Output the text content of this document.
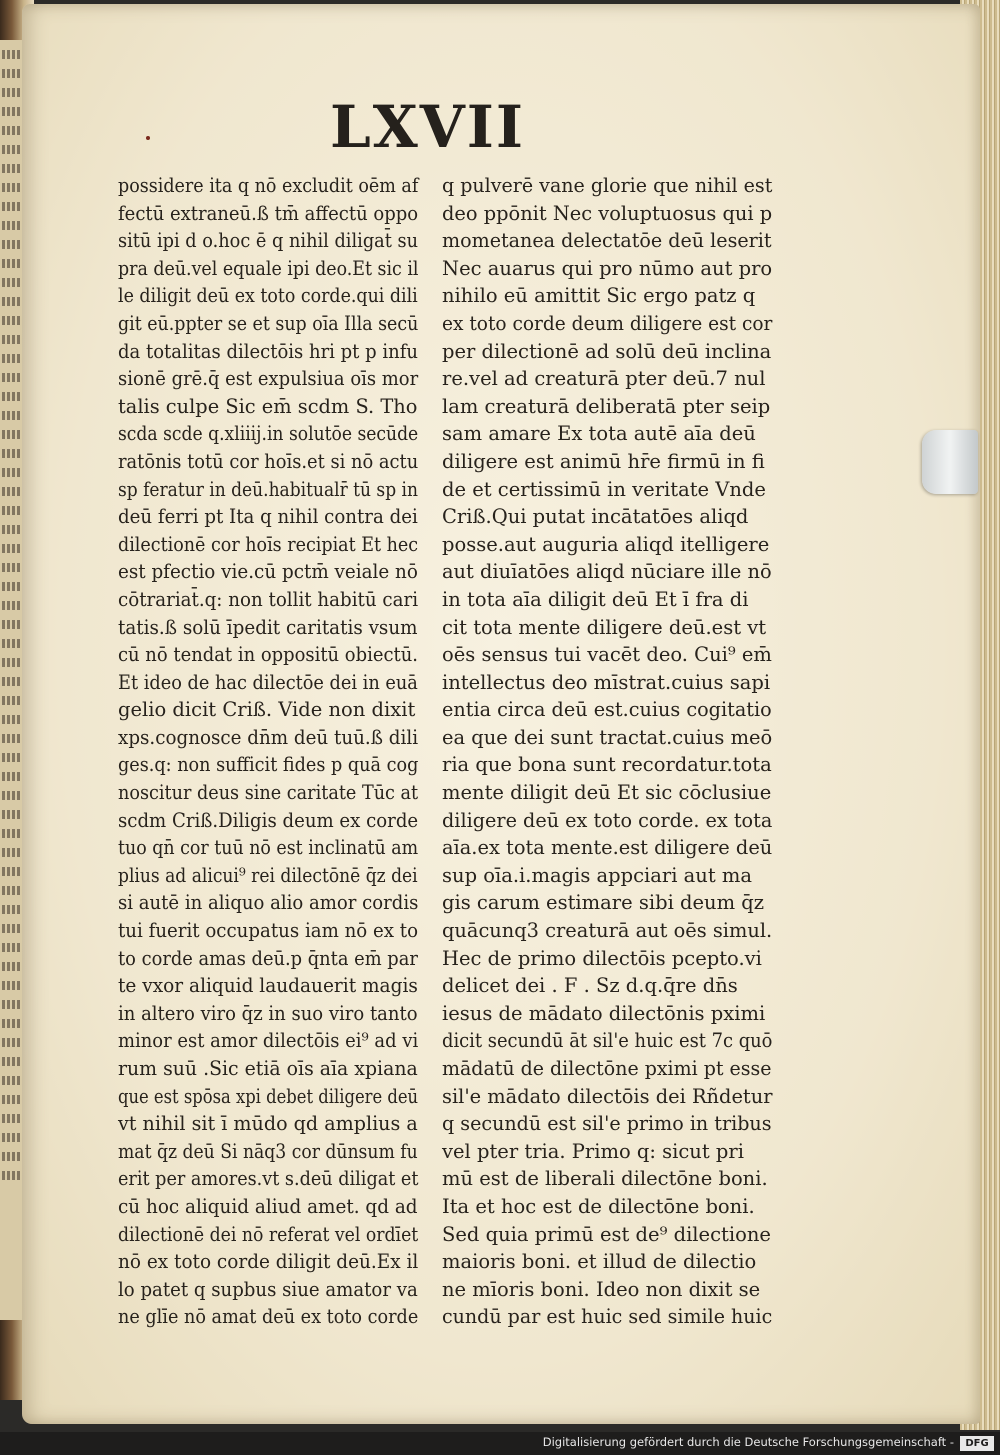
LXVII
possidere ita q nō excludit oēm af
fectū extraneū.ß tm̄ affectū oppo
sitū ipi d o.hoc ē q nihil diligat̄ su
pra deū.vel equale ipi deo.Et sic il
le diligit deū ex toto corde.qui dili
git eū.ppter se et sup oīa Illa secū
da totalitas dilectōis hri pt p infu
sionē grē.q̄ est expulsiua oīs mor
talis culpe Sic em̄ scdm S. Tho
scda scde q.xliiij.in solutōe secūde
ratōnis totū cor hoīs.et si nō actu
sp feratur in deū.habitualr̄ tū sp in
deū ferri pt Ita q nihil contra dei
dilectionē cor hoīs recipiat Et hec
est pfectio vie.cū pctm̄ veiale nō
cōtrariat̄.q: non tollit habitū cari
tatis.ß solū īpedit caritatis vsum
cū nō tendat in oppositū obiectū.
Et ideo de hac dilectōe dei in euā
gelio dicit Criß. Vide non dixit
xps.cognosce dn̄m deū tuū.ß dili
ges.q: non sufficit fides p quā cog
noscitur deus sine caritate Tūc at
scdm Criß.Diligis deum ex corde
tuo qn̄ cor tuū nō est inclinatū am
plius ad alicui⁹ rei dilectōnē q̄z dei
si autē in aliquo alio amor cordis
tui fuerit occupatus iam nō ex to
to corde amas deū.p q̄nta em̄ par
te vxor aliquid laudauerit magis
in altero viro q̄z in suo viro tanto
minor est amor dilectōis ei⁹ ad vi
rum suū .Sic etiā oīs aīa xpiana
que est spōsa xpi debet diligere deū
vt nihil sit ī mūdo qd amplius a
mat q̄z deū Si nāq3 cor dūnsum fu
erit per amores.vt s.deū diligat et
cū hoc aliquid aliud amet. qd ad
dilectionē dei nō referat vel ordīet
nō ex toto corde diligit deū.Ex il
lo patet q supbus siue amator va
ne glīe nō amat deū ex toto corde
q pulverē vane glorie que nihil est
deo ppōnit Nec voluptuosus qui p
mometanea delectatōe deū leserit
Nec auarus qui pro nūmo aut pro
nihilo eū amittit Sic ergo patz q
ex toto corde deum diligere est cor
per dilectionē ad solū deū inclina
re.vel ad creaturā pter deū.7 nul
lam creaturā deliberatā pter seip
sam amare Ex tota autē aīa deū
diligere est animū hr̄e firmū in fi
de et certissimū in veritate Vnde
Criß.Qui putat incātatōes aliqd
posse.aut auguria aliqd itelligere
aut diuīatōes aliqd nūciare ille nō
in tota aīa diligit deū Et ī fra di
cit tota mente diligere deū.est vt
oēs sensus tui vacēt deo. Cui⁹ em̄
intellectus deo mīstrat.cuius sapi
entia circa deū est.cuius cogitatio
ea que dei sunt tractat.cuius meō
ria que bona sunt recordatur.tota
mente diligit deū Et sic cōclusiue
diligere deū ex toto corde. ex tota
aīa.ex tota mente.est diligere deū
sup oīa.i.magis appciari aut ma
gis carum estimare sibi deum q̄z
quācunq3 creaturā aut oēs simul.
Hec de primo dilectōis pcepto.vi
delicet dei . F . Sz d.q.q̄re dn̄s
iesus de mādato dilectōnis pximi
dicit secundū āt sil'e huic est 7c quō
mādatū de dilectōne pximi pt esse
sil'e mādato dilectōis dei Rñdetur
q secundū est sil'e primo in tribus
vel pter tria. Primo q: sicut pri
mū est de liberali dilectōne boni.
Ita et hoc est de dilectōne boni.
Sed quia primū est de⁹ dilectione
maioris boni. et illud de dilectio
ne mīoris boni. Ideo non dixit se
cundū par est huic sed simile huic
Digitalisierung gefördert durch die Deutsche Forschungsgemeinschaft -	DFG
